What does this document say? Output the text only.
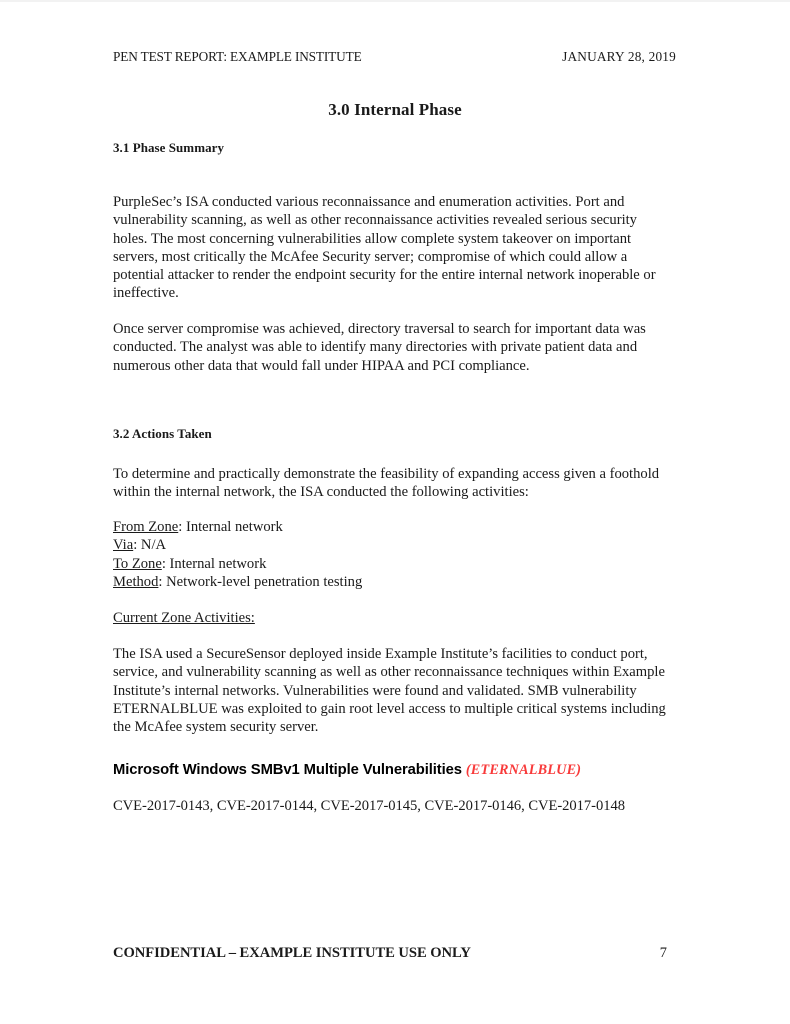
PEN TEST REPORT: EXAMPLE INSTITUTE	JANUARY 28, 2019
3.0 Internal Phase
3.1 Phase Summary
PurpleSec’s ISA conducted various reconnaissance and enumeration activities. Port and vulnerability scanning, as well as other reconnaissance activities revealed serious security holes. The most concerning vulnerabilities allow complete system takeover on important servers, most critically the McAfee Security server; compromise of which could allow a potential attacker to render the endpoint security for the entire internal network inoperable or ineffective.
Once server compromise was achieved, directory traversal to search for important data was conducted. The analyst was able to identify many directories with private patient data and numerous other data that would fall under HIPAA and PCI compliance.
3.2 Actions Taken
To determine and practically demonstrate the feasibility of expanding access given a foothold within the internal network, the ISA conducted the following activities:
From Zone: Internal network
Via: N/A
To Zone: Internal network
Method: Network-level penetration testing
Current Zone Activities:
The ISA used a SecureSensor deployed inside Example Institute’s facilities to conduct port, service, and vulnerability scanning as well as other reconnaissance techniques within Example Institute’s internal networks. Vulnerabilities were found and validated. SMB vulnerability ETERNALBLUE was exploited to gain root level access to multiple critical systems including the McAfee system security server.
Microsoft Windows SMBv1 Multiple Vulnerabilities (ETERNALBLUE)
CVE-2017-0143, CVE-2017-0144, CVE-2017-0145, CVE-2017-0146, CVE-2017-0148
CONFIDENTIAL – EXAMPLE INSTITUTE USE ONLY	7
